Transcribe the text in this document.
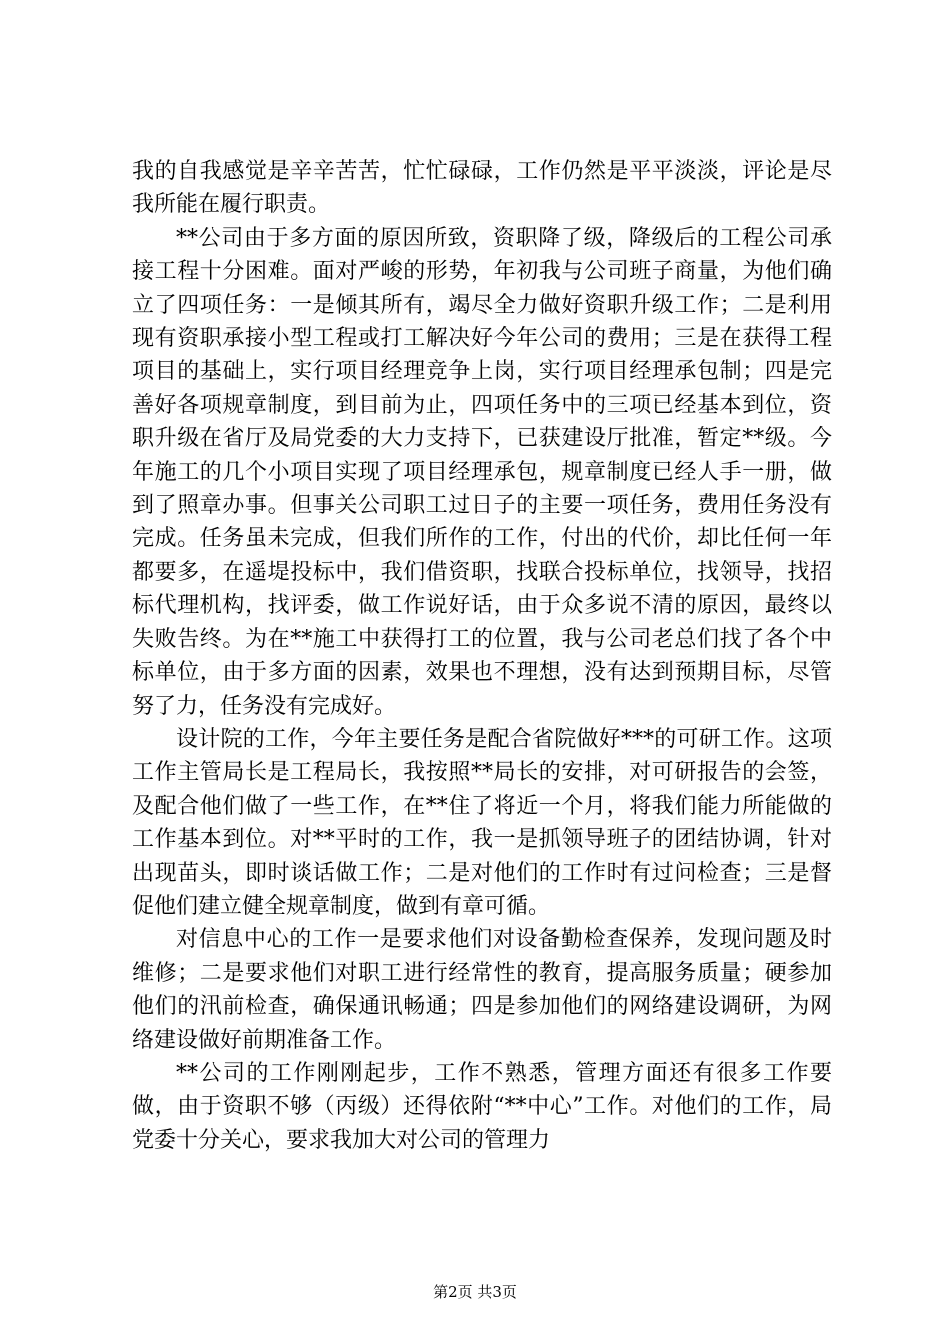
我的自我感觉是辛辛苦苦，忙忙碌碌，工作仍然是平平淡淡，评论是尽我所能在履行职责。

**公司由于多方面的原因所致，资职降了级，降级后的工程公司承接工程十分困难。面对严峻的形势，年初我与公司班子商量，为他们确立了四项任务：一是倾其所有，竭尽全力做好资职升级工作；二是利用现有资职承接小型工程或打工解决好今年公司的费用；三是在获得工程项目的基础上，实行项目经理竞争上岗，实行项目经理承包制；四是完善好各项规章制度，到目前为止，四项任务中的三项已经基本到位，资职升级在省厅及局党委的大力支持下，已获建设厅批准，暂定**级。今年施工的几个小项目实现了项目经理承包，规章制度已经人手一册，做到了照章办事。但事关公司职工过日子的主要一项任务，费用任务没有完成。任务虽未完成，但我们所作的工作，付出的代价，却比任何一年都要多，在遥堤投标中，我们借资职，找联合投标单位，找领导，找招标代理机构，找评委，做工作说好话，由于众多说不清的原因，最终以失败告终。为在**施工中获得打工的位置，我与公司老总们找了各个中标单位，由于多方面的因素，效果也不理想，没有达到预期目标，尽管努了力，任务没有完成好。

设计院的工作，今年主要任务是配合省院做好***的可研工作。这项工作主管局长是工程局长，我按照**局长的安排，对可研报告的会签，及配合他们做了一些工作，在**住了将近一个月，将我们能力所能做的工作基本到位。对**平时的工作，我一是抓领导班子的团结协调，针对出现苗头，即时谈话做工作；二是对他们的工作时有过问检查；三是督促他们建立健全规章制度，做到有章可循。

对信息中心的工作一是要求他们对设备勤检查保养，发现问题及时维修；二是要求他们对职工进行经常性的教育，提高服务质量；硬参加他们的汛前检查，确保通讯畅通；四是参加他们的网络建设调研，为网络建设做好前期准备工作。

**公司的工作刚刚起步，工作不熟悉，管理方面还有很多工作要做，由于资职不够（丙级）还得依附“**中心”工作。对他们的工作，局党委十分关心，要求我加大对公司的管理力

第2页 共3页
